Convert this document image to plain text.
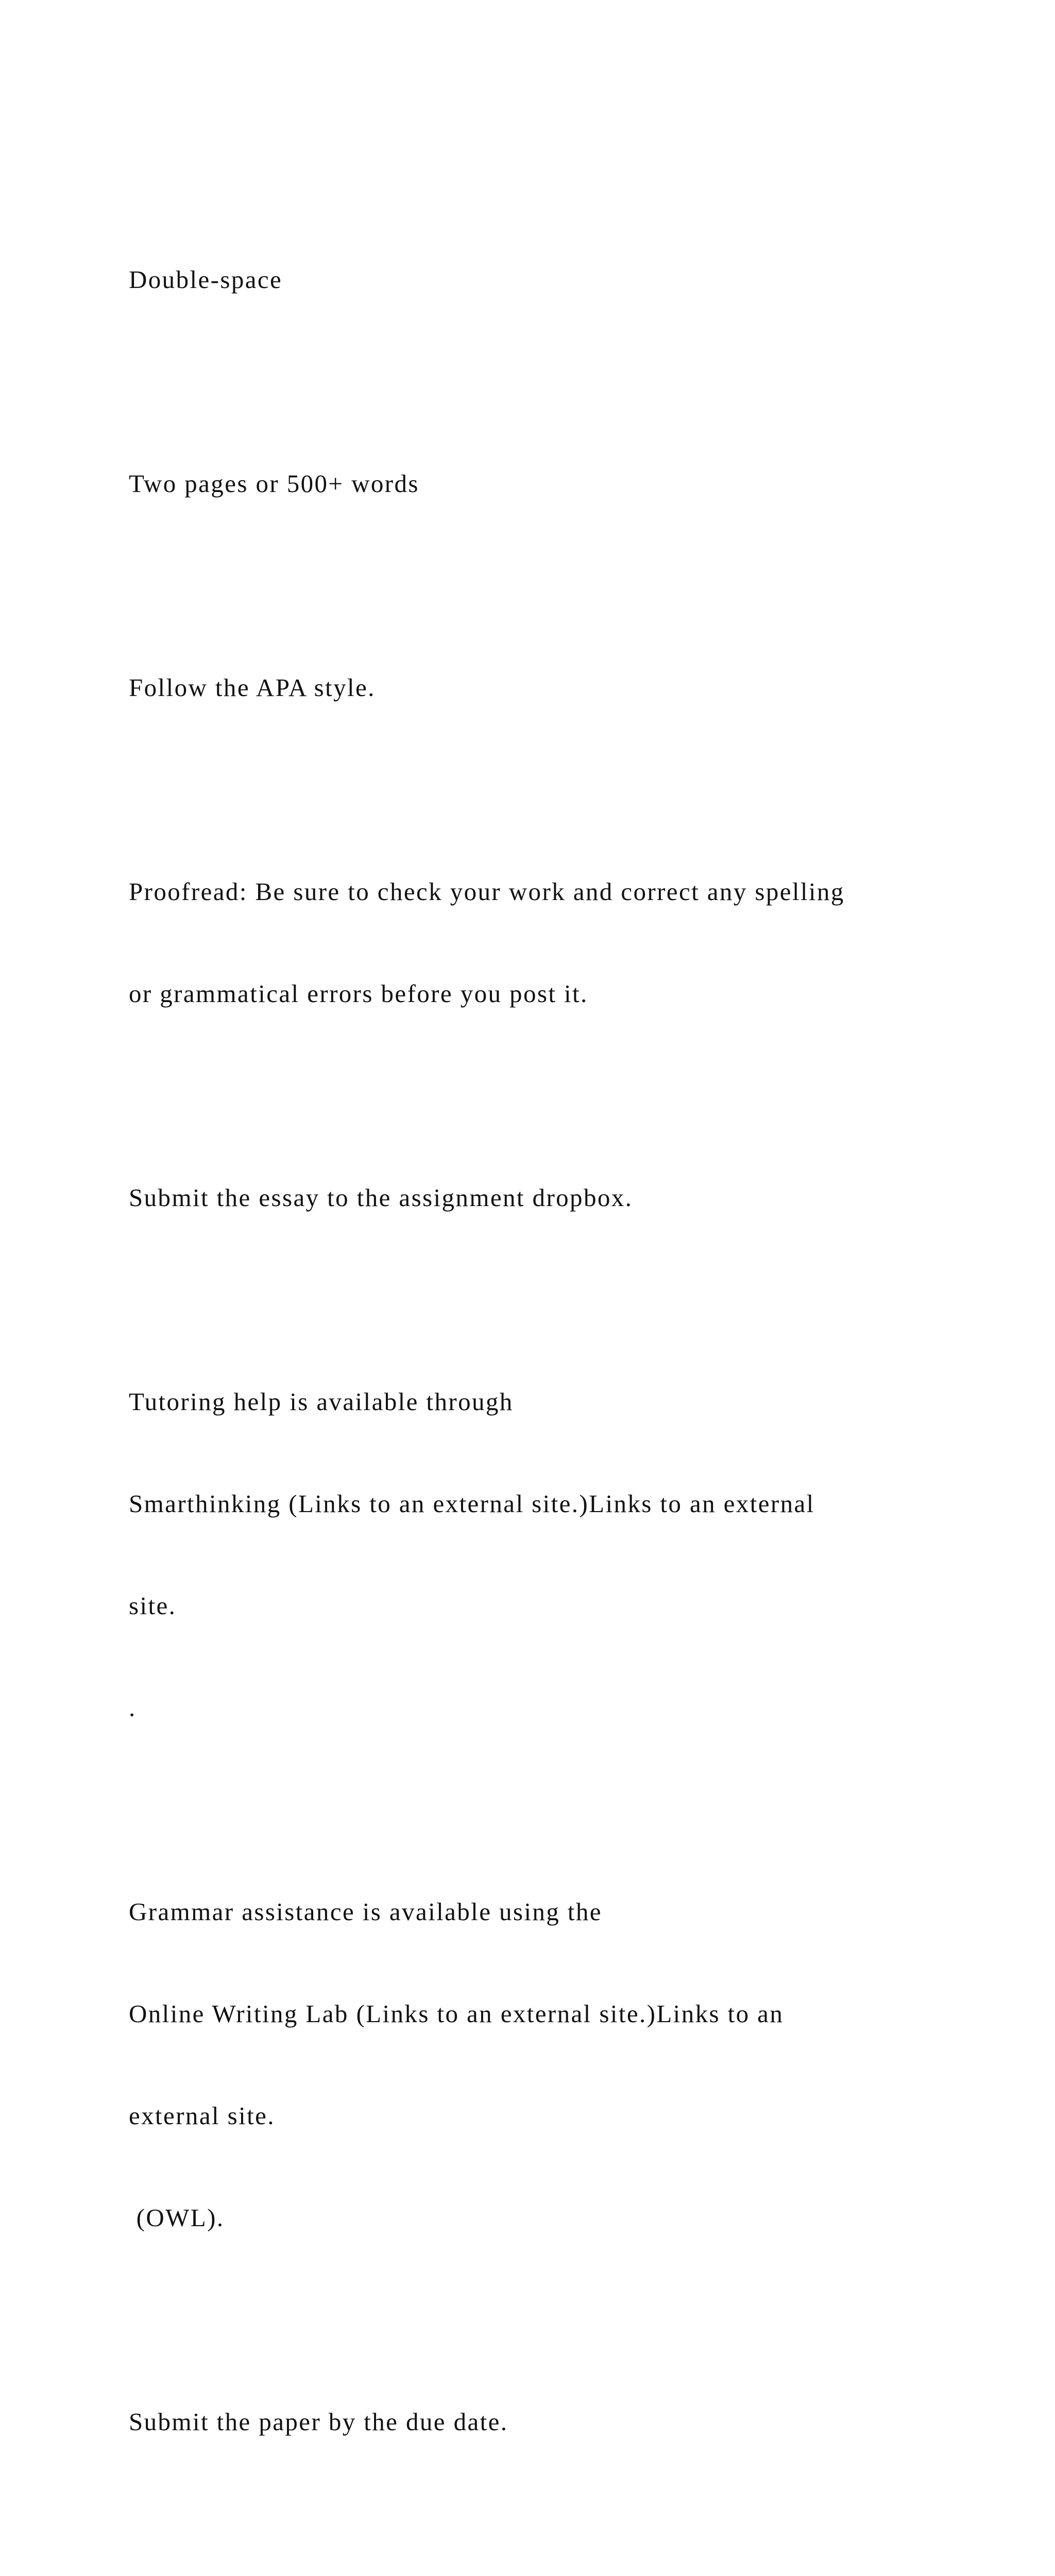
Double-space

Two pages or 500+ words

Follow the APA style.

Proofread: Be sure to check your work and correct any spelling

or grammatical errors before you post it.

Submit the essay to the assignment dropbox.

Tutoring help is available through

Smarthinking (Links to an external site.)Links to an external

site.

.

Grammar assistance is available using the

Online Writing Lab (Links to an external site.)Links to an

external site.

(OWL).

Submit the paper by the due date.
